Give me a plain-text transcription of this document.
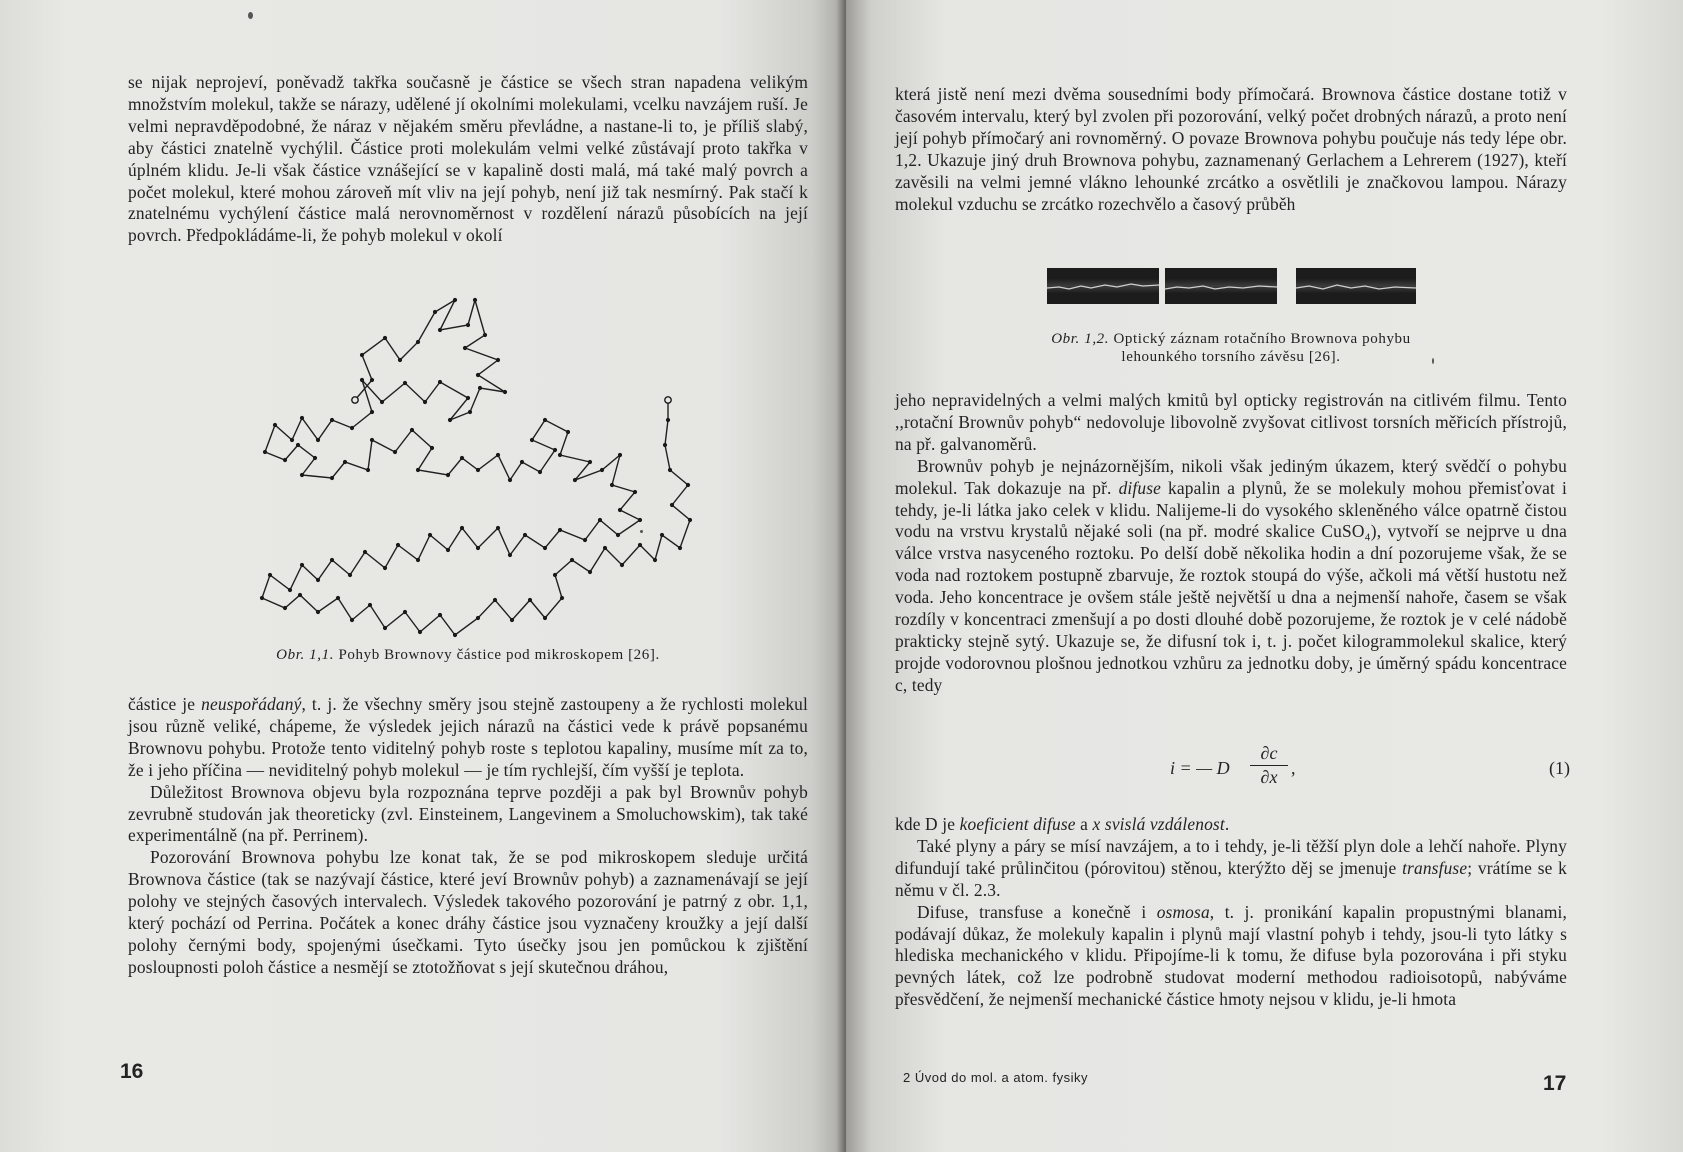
se nijak neprojeví, poněvadž takřka současně je částice se všech stran napadena velikým množstvím molekul, takže se nárazy, udělené jí okolními molekulami, vcelku navzájem ruší. Je velmi nepravděpodobné, že náraz v nějakém směru převládne, a nastane-li to, je příliš slabý, aby částici znatelně vychýlil. Částice proti molekulám velmi velké zůstávají proto takřka v úplném klidu. Je-li však částice vznášející se v kapalině dosti malá, má také malý povrch a počet molekul, které mohou zároveň mít vliv na její pohyb, není již tak nesmírný. Pak stačí k znatelnému vychýlení částice malá nerovnoměrnost v rozdělení nárazů působících na její povrch. Předpokládáme-li, že pohyb molekul v okolí

Obr. 1,1. Pohyb Brownovy částice pod mikroskopem [26].

částice je neuspořádaný, t. j. že všechny směry jsou stejně zastoupeny a že rychlosti molekul jsou různě veliké, chápeme, že výsledek jejich nárazů na částici vede k právě popsanému Brownovu pohybu. Protože tento viditelný pohyb roste s teplotou kapaliny, musíme mít za to, že i jeho příčina — neviditelný pohyb molekul — je tím rychlejší, čím vyšší je teplota.

Důležitost Brownova objevu byla rozpoznána teprve později a pak byl Brownův pohyb zevrubně studován jak theoreticky (zvl. Einsteinem, Langevinem a Smoluchowskim), tak také experimentálně (na př. Perrinem).

Pozorování Brownova pohybu lze konat tak, že se pod mikroskopem sleduje určitá Brownova částice (tak se nazývají částice, které jeví Brownův pohyb) a zaznamenávají se její polohy ve stejných časových intervalech. Výsledek takového pozorování je patrný z obr. 1,1, který pochází od Perrina. Počátek a konec dráhy částice jsou vyznačeny kroužky a její další polohy černými body, spojenými úsečkami. Tyto úsečky jsou jen pomůckou k zjištění posloupnosti poloh částice a nesmějí se ztotožňovat s její skutečnou dráhou,

16

která jistě není mezi dvěma sousedními body přímočará. Brownova částice dostane totiž v časovém intervalu, který byl zvolen při pozorování, velký počet drobných nárazů, a proto není její pohyb přímočarý ani rovnoměrný. O povaze Brownova pohybu poučuje nás tedy lépe obr. 1,2. Ukazuje jiný druh Brownova pohybu, zaznamenaný Gerlachem a Lehrerem (1927), kteří zavěsili na velmi jemné vlákno lehounké zrcátko a osvětlili je značkovou lampou. Nárazy molekul vzduchu se zrcátko rozechvělo a časový průběh

Obr. 1,2. Optický záznam rotačního Brownova pohybu
lehounkého torsního závěsu [26].

jeho nepravidelných a velmi malých kmitů byl opticky registrován na citlivém filmu. Tento ,,rotační Brownův pohyb“ nedovoluje libovolně zvyšovat citlivost torsních měřicích přístrojů, na př. galvanoměrů.

Brownův pohyb je nejnázornějším, nikoli však jediným úkazem, který svědčí o pohybu molekul. Tak dokazuje na př. difuse kapalin a plynů, že se molekuly mohou přemisťovat i tehdy, je-li látka jako celek v klidu. Nalijeme-li do vysokého skleněného válce opatrně čistou vodu na vrstvu krystalů nějaké soli (na př. modré skalice CuSO₄), vytvoří se nejprve u dna válce vrstva nasyceného roztoku. Po delší době několika hodin a dní pozorujeme však, že se voda nad roztokem postupně zbarvuje, že roztok stoupá do výše, ačkoli má větší hustotu než voda. Jeho koncentrace je ovšem stále ještě největší u dna a nejmenší nahoře, časem se však rozdíly v koncentraci zmenšují a po dosti dlouhé době pozorujeme, že roztok je v celé nádobě prakticky stejně sytý. Ukazuje se, že difusní tok i, t. j. počet kilogrammolekul skalice, který projde vodorovnou plošnou jednotkou vzhůru za jednotku doby, je úměrný spádu koncentrace c, tedy

i = — D
∂c
∂x ,	(1)

kde D je koeficient difuse a x svislá vzdálenost.

Také plyny a páry se mísí navzájem, a to i tehdy, je-li těžší plyn dole a lehčí nahoře. Plyny difundují také průlinčitou (pórovitou) stěnou, kterýžto děj se jmenuje transfuse; vrátíme se k němu v čl. 2.3.

Difuse, transfuse a konečně i osmosa, t. j. pronikání kapalin propustnými blanami, podávají důkaz, že molekuly kapalin i plynů mají vlastní pohyb i tehdy, jsou-li tyto látky s hlediska mechanického v klidu. Připojíme-li k tomu, že difuse byla pozorována i při styku pevných látek, což lze podrobně studovat moderní methodou radioisotopů, nabýváme přesvědčení, že nejmenší mechanické částice hmoty nejsou v klidu, je-li hmota

2 Úvod do mol. a atom. fysiky	17
